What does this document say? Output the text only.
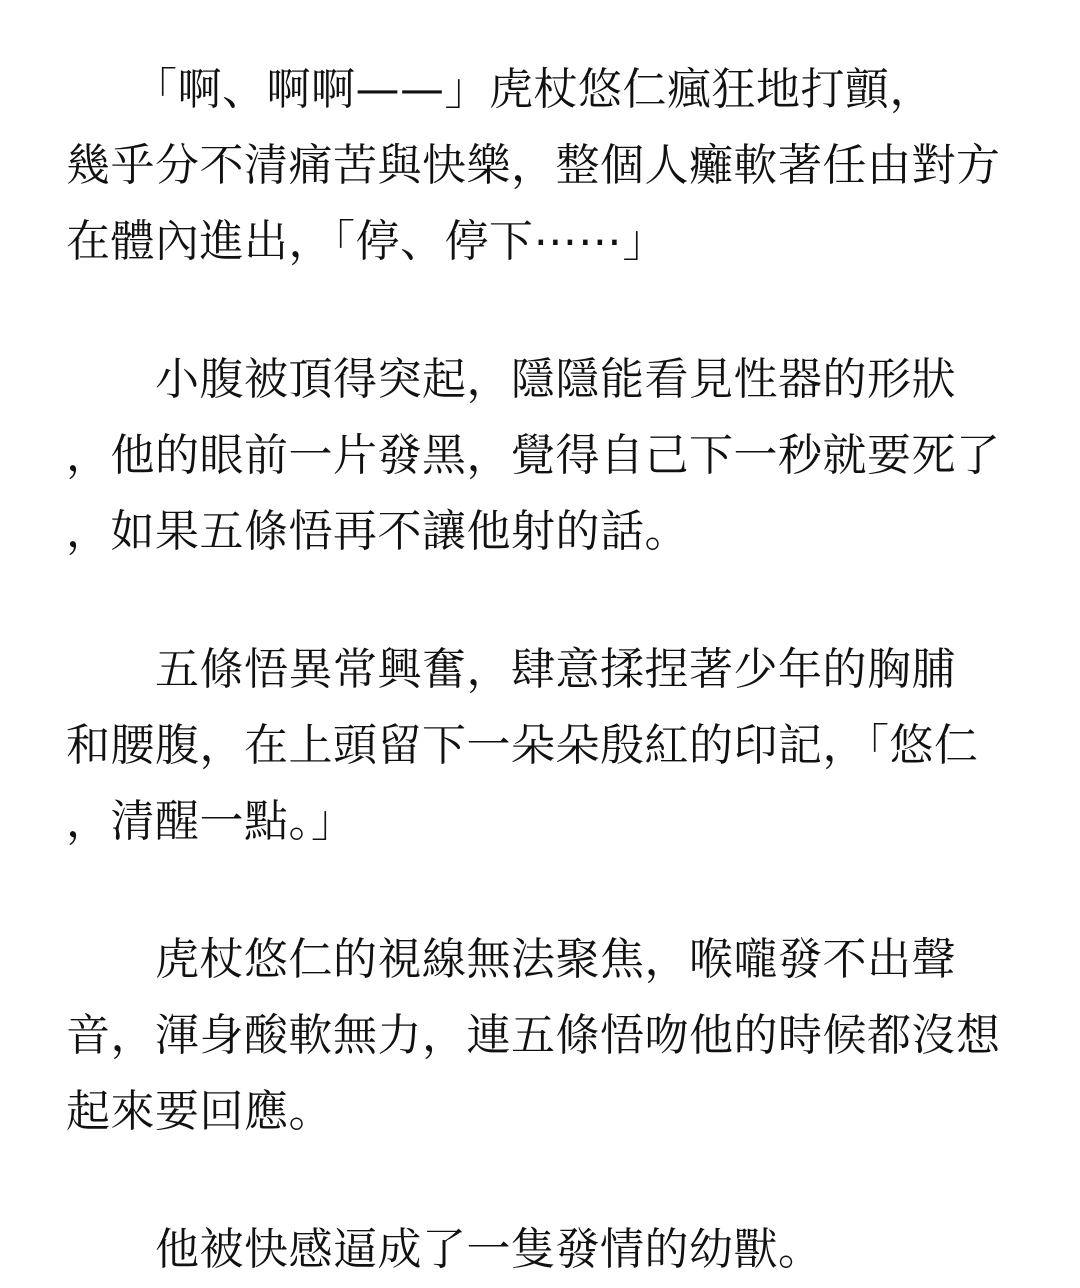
　　「啊、啊啊——」虎杖悠仁瘋狂地打顫，
幾乎分不清痛苦與快樂，整個人癱軟著任由對方
在體內進出，「停、停下⋯⋯」
　　小腹被頂得突起，隱隱能看見性器的形狀
，他的眼前一片發黑，覺得自己下一秒就要死了
，如果五條悟再不讓他射的話。
　　五條悟異常興奮，肆意揉捏著少年的胸脯
和腰腹，在上頭留下一朵朵殷紅的印記，「悠仁
，清醒一點。」
　　虎杖悠仁的視線無法聚焦，喉嚨發不出聲
音，渾身酸軟無力，連五條悟吻他的時候都沒想
起來要回應。
　　他被快感逼成了一隻發情的幼獸。
